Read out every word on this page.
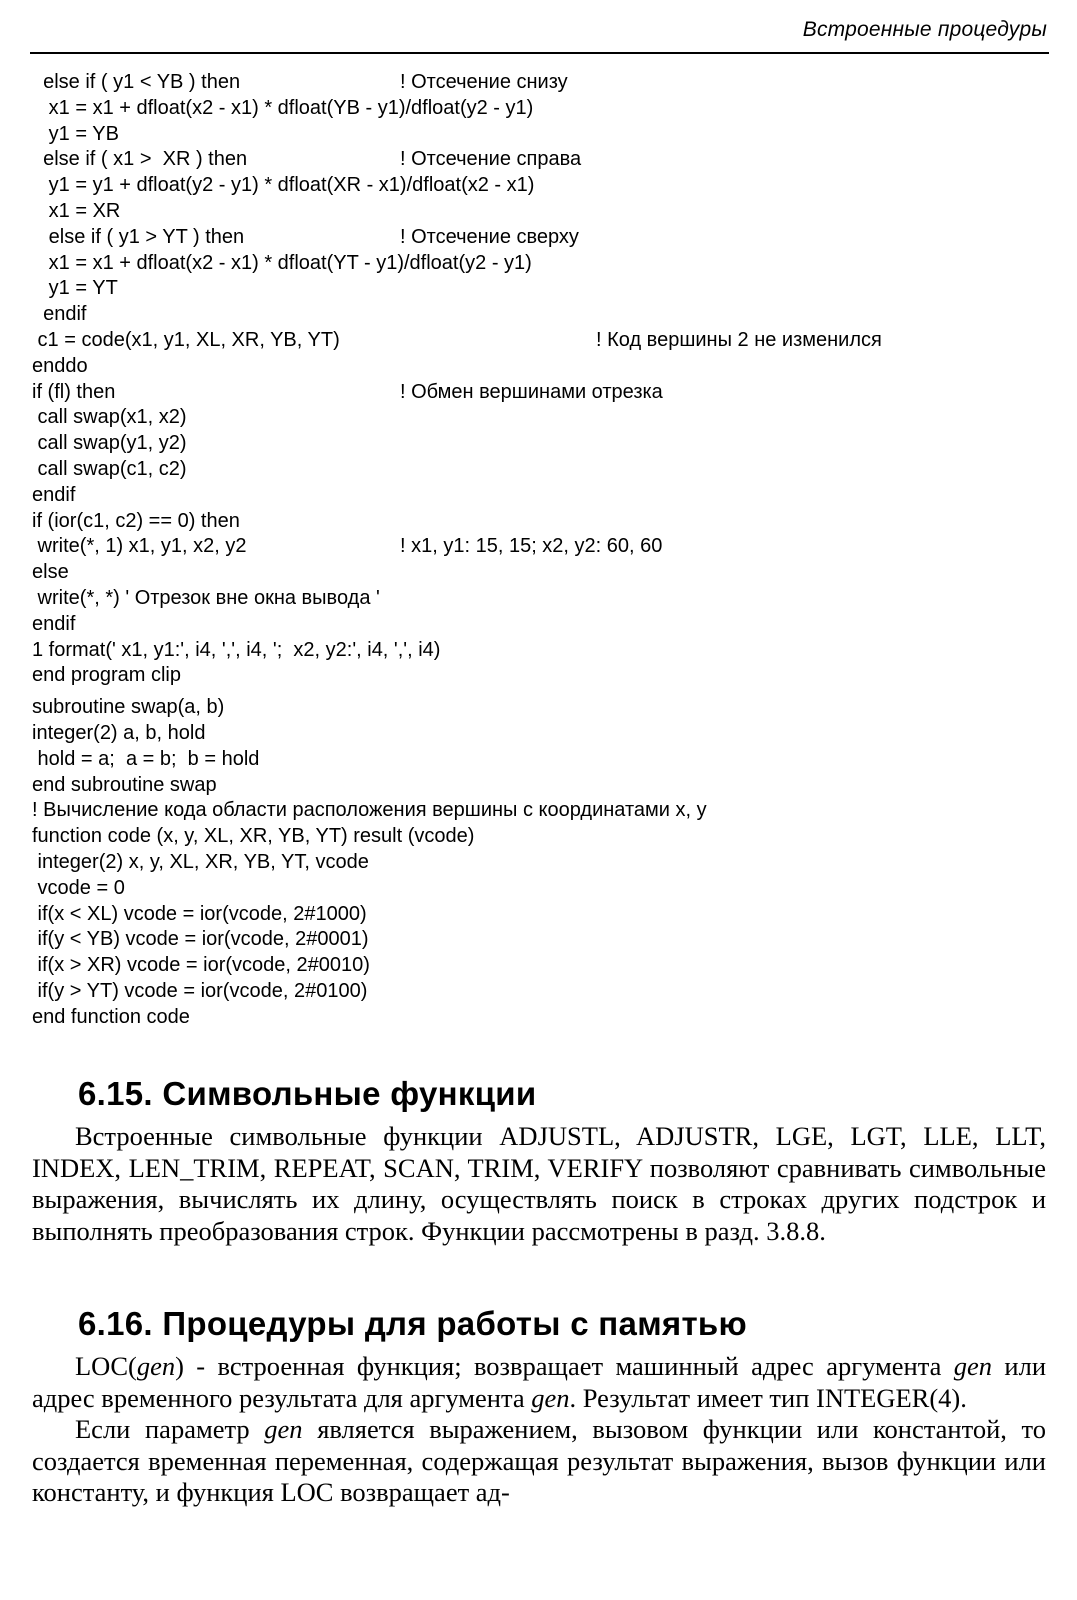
Встроенные процедуры
else if ( y1 < YB ) then	! Отсечение снизу
x1 = x1 + dfloat(x2 - x1) * dfloat(YB - y1)/dfloat(y2 - y1)
y1 = YB
else if ( x1 >  XR ) then	! Отсечение справа
y1 = y1 + dfloat(y2 - y1) * dfloat(XR - x1)/dfloat(x2 - x1)
x1 = XR
else if ( y1 > YT ) then	! Отсечение сверху
x1 = x1 + dfloat(x2 - x1) * dfloat(YT - y1)/dfloat(y2 - y1)
y1 = YT
endif
c1 = code(x1, y1, XL, XR, YB, YT)	! Код вершины 2 не изменился
enddo
if (fl) then	! Обмен вершинами отрезка
call swap(x1, x2)
call swap(y1, y2)
call swap(c1, c2)
endif
if (ior(c1, c2) == 0) then
write(*, 1) x1, y1, x2, y2	! x1, y1: 15, 15; x2, y2: 60, 60
else
write(*, *) ' Отрезок вне окна вывода '
endif
1 format(' x1, y1:', i4, ',', i4, ';  x2, y2:', i4, ',', i4)
end program clip
subroutine swap(a, b)
integer(2) a, b, hold
hold = a;  a = b;  b = hold
end subroutine swap
! Вычисление кода области расположения вершины с координатами x, y
function code (x, y, XL, XR, YB, YT) result (vcode)
integer(2) x, y, XL, XR, YB, YT, vcode
vcode = 0
if(x < XL) vcode = ior(vcode, 2#1000)
if(y < YB) vcode = ior(vcode, 2#0001)
if(x > XR) vcode = ior(vcode, 2#0010)
if(y > YT) vcode = ior(vcode, 2#0100)
end function code
6.15. Символьные функции

Встроенные символьные функции ADJUSTL, ADJUSTR, LGE, LGT, LLE, LLT, INDEX, LEN_TRIM, REPEAT, SCAN, TRIM, VERIFY позволяют сравнивать символьные выражения, вычислять их длину, осуществлять поиск в строках других подстрок и выполнять преобразования строк. Функции рассмотрены в разд. 3.8.8.

6.16. Процедуры для работы с памятью

LOC(gen) - встроенная функция; возвращает машинный адрес аргумента gen или адрес временного результата для аргумента gen. Результат имеет тип INTEGER(4).

Если параметр gen является выражением, вызовом функции или константой, то создается временная переменная, содержащая результат выражения, вызов функции или константу, и функция LOC возвращает ад-
